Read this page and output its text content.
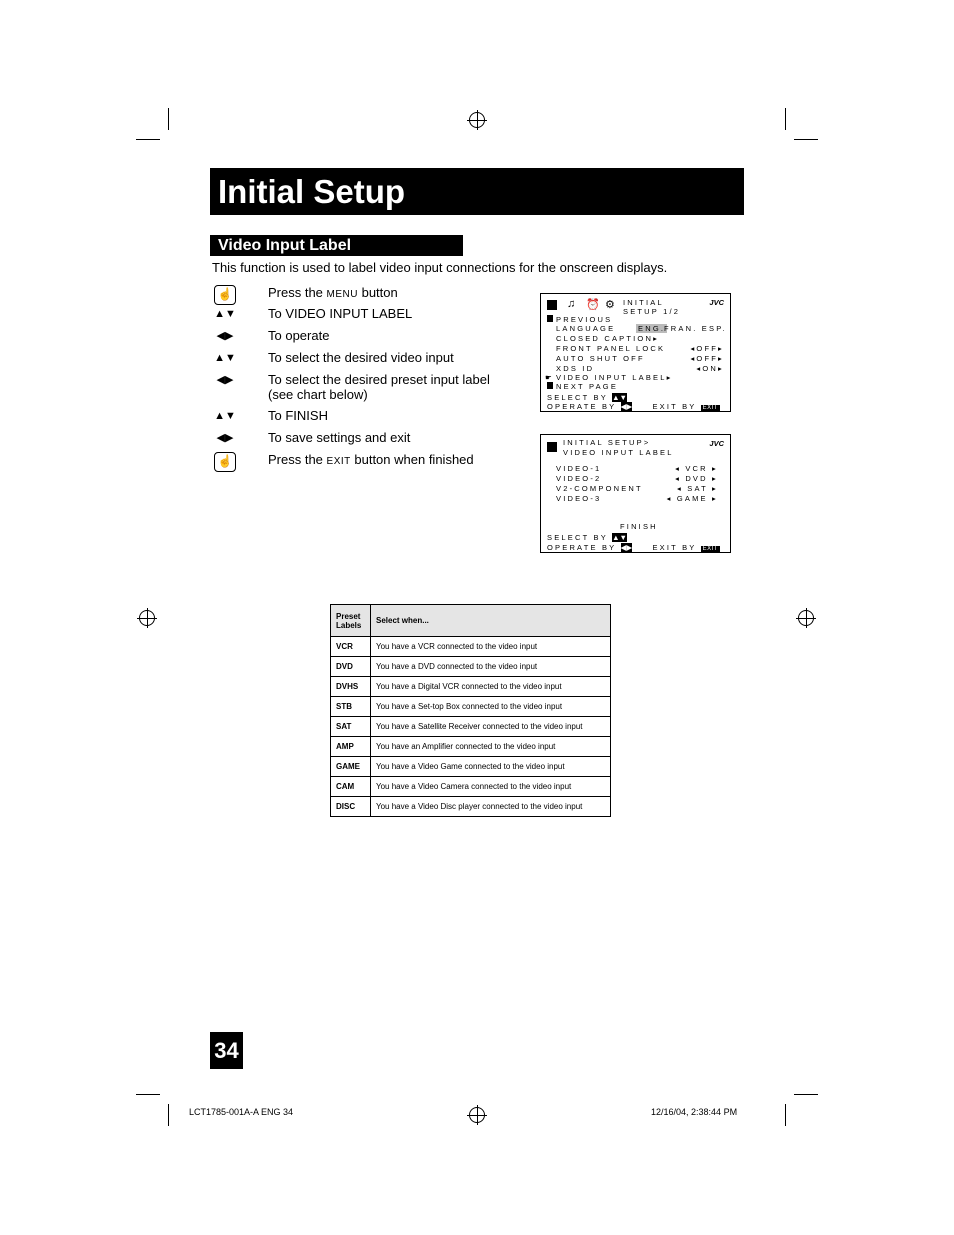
Initial Setup
Video Input Label
This function is used to label video input connections for the onscreen displays.
☝	Press the MENU button
▲▼ To VIDEO INPUT LABEL
◀▶	To operate
▲▼ To select the desired video input
◀▶	To select the desired preset input label (see chart below)
▲▼ To FINISH
◀▶	To save settings and exit
☝	Press the EXIT button when finished
♫ ⏰ ⚙ INITIAL
SETUP 1/2
JVC
PREVIOUS
LANGUAGE	ENG.
FRAN. ESP.
CLOSED CAPTION▸
FRONT PANEL LOCK	◂OFF▸
AUTO SHUT OFF	◂OFF▸
XDS ID	◂ON▸
☛ VIDEO INPUT LABEL▸
NEXT PAGE
SELECT BY ▲▼
OPERATE BY ◀▶	EXIT BY EXIT
INITIAL SETUP>
VIDEO INPUT LABEL
JVC
VIDEO-1	◂ VCR ▸
VIDEO-2	◂ DVD ▸
V2-COMPONENT	◂ SAT ▸
VIDEO-3	◂ GAME ▸
FINISH
SELECT BY ▲▼
OPERATE BY ◀▶	EXIT BY EXIT
Preset Labels	Select when...
VCR	You have a VCR connected to the video input
DVD	You have a DVD connected to the video input
DVHS	You have a Digital VCR connected to the video input
STB	You have a Set-top Box connected to the video input
SAT	You have a Satellite Receiver connected to the video input
AMP	You have an Amplifier connected to the video input
GAME	You have a Video Game connected to the video input
CAM	You have a Video Camera connected to the video input
DISC	You have a Video Disc player connected to the video input
34
LCT1785-001A-A ENG 34	12/16/04, 2:38:44 PM
